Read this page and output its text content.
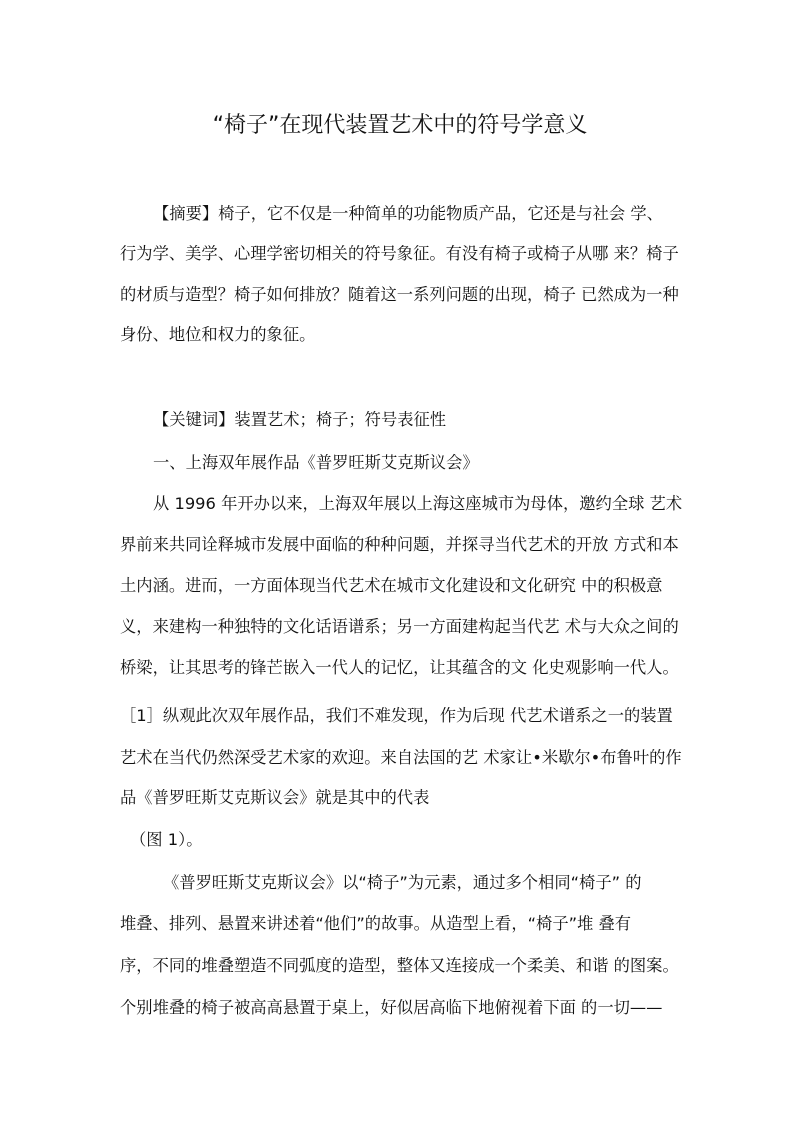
“椅子”在现代装置艺术中的符号学意义
【摘要】椅子，它不仅是一种简单的功能物质产品，它还是与社会 学、
行为学、美学、心理学密切相关的符号象征。有没有椅子或椅子从哪 来？椅子
的材质与造型？椅子如何排放？随着这一系列问题的出现，椅子 已然成为一种
身份、地位和权力的象征。
【关键词】装置艺术；椅子；符号表征性
一、上海双年展作品《普罗旺斯艾克斯议会》
从 1996 年开办以来，上海双年展以上海这座城市为母体，邀约全球 艺术
界前来共同诠释城市发展中面临的种种问题，并探寻当代艺术的开放 方式和本
土内涵。进而，一方面体现当代艺术在城市文化建设和文化研究 中的积极意
义，来建构一种独特的文化话语谱系；另一方面建构起当代艺 术与大众之间的
桥梁，让其思考的锋芒嵌入一代人的记忆，让其蕴含的文 化史观影响一代人。
［1］纵观此次双年展作品，我们不难发现，作为后现 代艺术谱系之一的装置
艺术在当代仍然深受艺术家的欢迎。来自法国的艺 术家让•米歇尔•布鲁叶的作
品《普罗旺斯艾克斯议会》就是其中的代表
（图 1）。
《普罗旺斯艾克斯议会》以“椅子”为元素，通过多个相同“椅子” 的
堆叠、排列、悬置来讲述着“他们”的故事。从造型上看，“椅子”堆 叠有
序，不同的堆叠塑造不同弧度的造型，整体又连接成一个柔美、和谐 的图案。
个别堆叠的椅子被高高悬置于桌上，好似居高临下地俯视着下面 的一切——
